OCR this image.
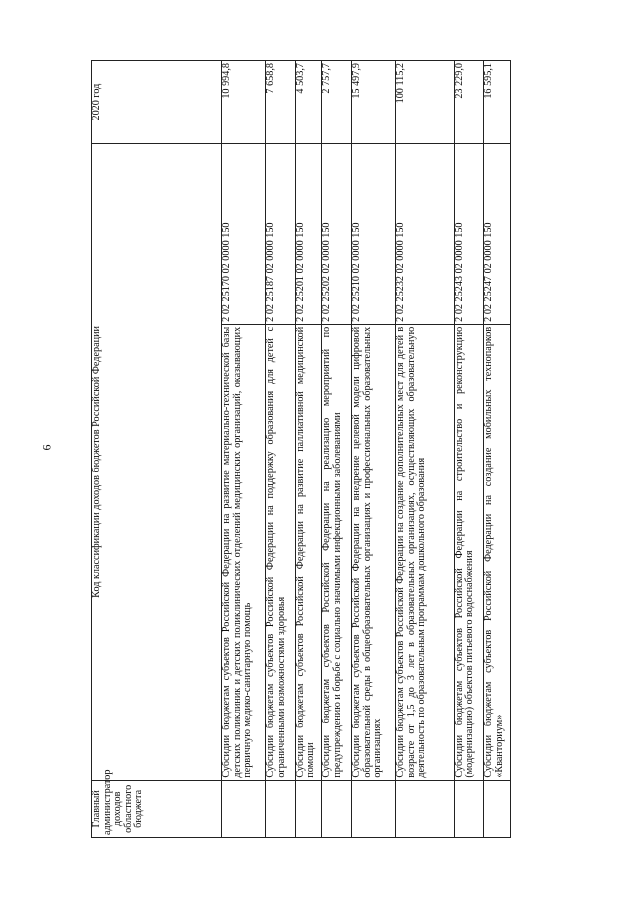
6
Главный администратор доходов областного бюджета	Код классификации доходов бюджетов Российской Федерации		2020 год
	Субсидии бюджетам субъектов Российской Федерации на развитие материально-технической базы детских поликлиник и детских поликлинических отделений медицинских организаций, оказывающих первичную медико-санитарную помощь	2 02 25170 02 0000 150	10 994,8
	Субсидии бюджетам субъектов Российской Федерации на поддержку образования для детей с ограниченными возможностями здоровья	2 02 25187 02 0000 150	7 658,8
	Субсидии бюджетам субъектов Российской Федерации на развитие паллиативной медицинской помощи	2 02 25201 02 0000 150	4 503,7
	Субсидии бюджетам субъектов Российской Федерации на реализацию мероприятий по предупреждению и борьбе с социально значимыми инфекционными заболеваниями	2 02 25202 02 0000 150	2 757,7
	Субсидии бюджетам субъектов Российской Федерации на внедрение целевой модели цифровой образовательной среды в общеобразовательных организациях и профессиональных образовательных организациях	2 02 25210 02 0000 150	15 497,9
	Субсидии бюджетам субъектов Российской Федерации на создание дополнительных мест для детей в возрасте от 1,5 до 3 лет в образовательных организациях, осуществляющих образовательную деятельность по образовательным программам дошкольного образования	2 02 25232 02 0000 150	100 115,2
	Субсидии бюджетам субъектов Российской Федерации на строительство и реконструкцию (модернизацию) объектов питьевого водоснабжения	2 02 25243 02 0000 150	23 229,0
	Субсидии бюджетам субъектов Российской Федерации на создание мобильных технопарков «Кванториум»	2 02 25247 02 0000 150	16 595,1
